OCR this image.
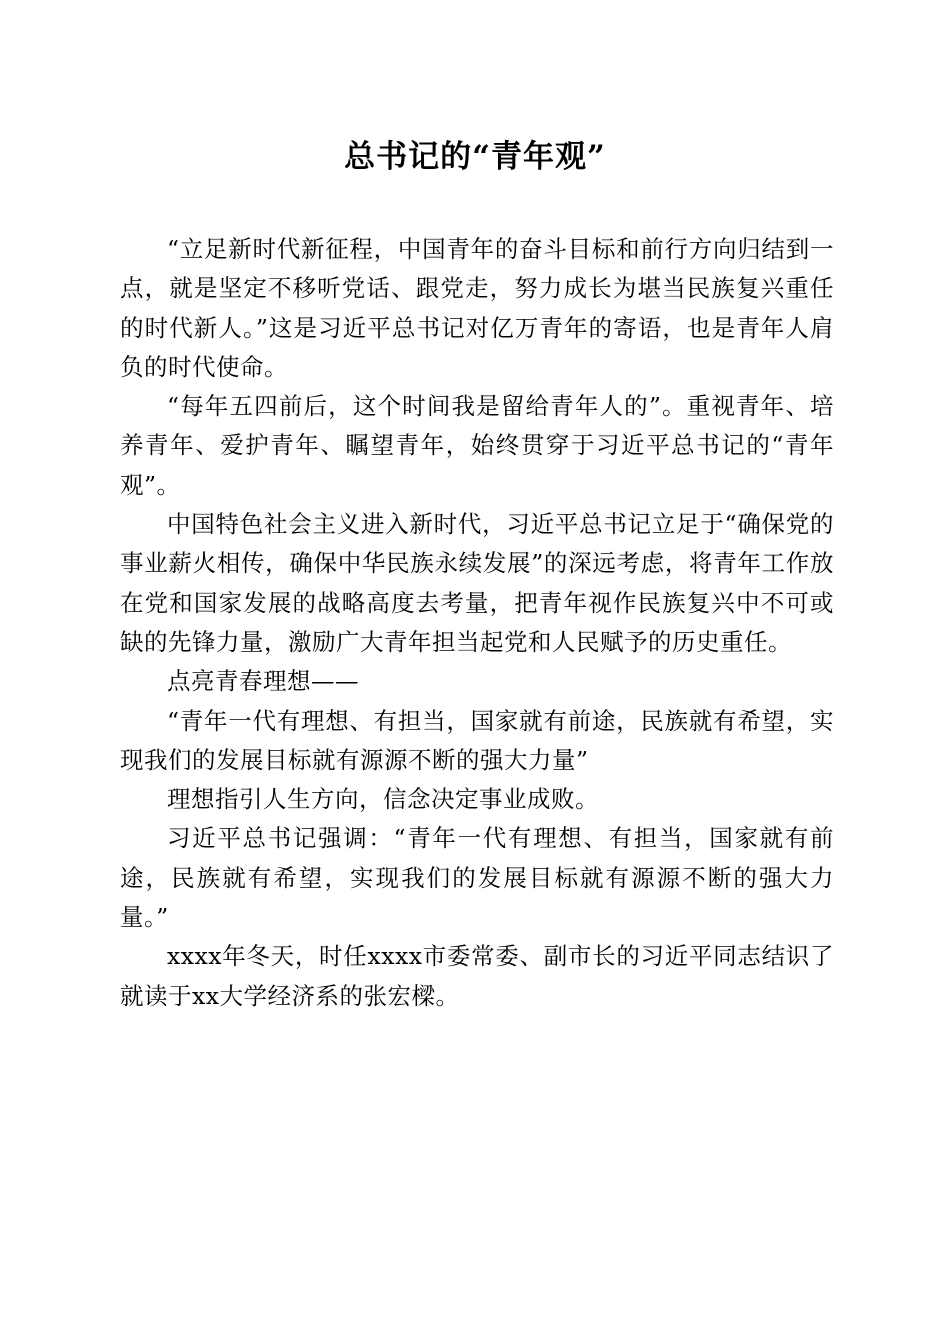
总书记的“青年观”

“立足新时代新征程，中国青年的奋斗目标和前行方向归结到一点，就是坚定不移听党话、跟党走，努力成长为堪当民族复兴重任的时代新人。”这是习近平总书记对亿万青年的寄语，也是青年人肩负的时代使命。

“每年五四前后，这个时间我是留给青年人的”。重视青年、培养青年、爱护青年、瞩望青年，始终贯穿于习近平总书记的“青年观”。

中国特色社会主义进入新时代，习近平总书记立足于“确保党的事业薪火相传，确保中华民族永续发展”的深远考虑，将青年工作放在党和国家发展的战略高度去考量，把青年视作民族复兴中不可或缺的先锋力量，激励广大青年担当起党和人民赋予的历史重任。

点亮青春理想——

“青年一代有理想、有担当，国家就有前途，民族就有希望，实现我们的发展目标就有源源不断的强大力量”

理想指引人生方向，信念决定事业成败。

习近平总书记强调：“青年一代有理想、有担当，国家就有前途，民族就有希望，实现我们的发展目标就有源源不断的强大力量。”

xxxx年冬天，时任xxxx市委常委、副市长的习近平同志结识了就读于xx大学经济系的张宏樑。
